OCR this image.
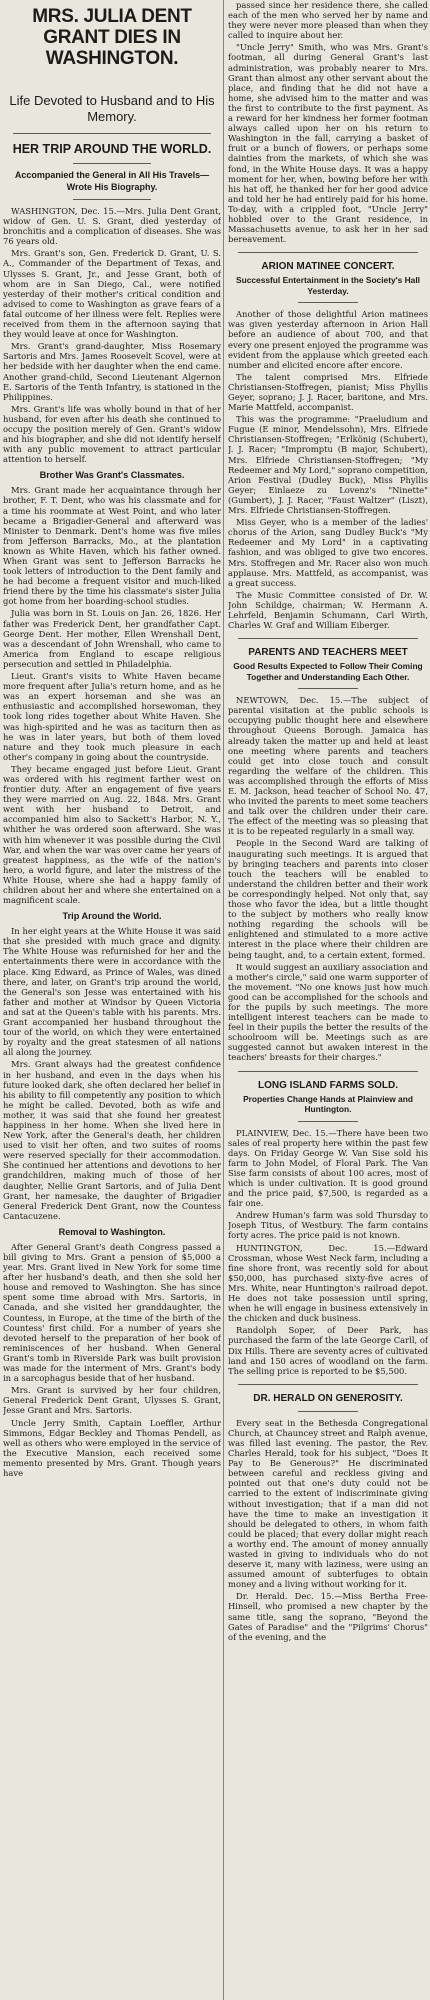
MRS. JULIA DENT GRANT DIES IN WASHINGTON.
Life Devoted to Husband and to His Memory.
HER TRIP AROUND THE WORLD.
Accompanied the General in All His Travels—Wrote His Biography.

WASHINGTON, Dec. 15.—Mrs. Julia Dent Grant, widow of Gen. U. S. Grant, died yesterday of bronchitis and a complication of diseases. She was 76 years old.

Mrs. Grant's son, Gen. Frederick D. Grant, U. S. A., Commander of the Department of Texas, and Ulysses S. Grant, Jr., and Jesse Grant, both of whom are in San Diego, Cal., were notified yesterday of their mother's critical condition and advised to come to Washington as grave fears of a fatal outcome of her illness were felt. Replies were received from them in the afternoon saying that they would leave at once for Washington.

Mrs. Grant's grand-daughter, Miss Rosemary Sartoris and Mrs. James Roosevelt Scovel, were at her bedside with her daughter when the end came. Another grand-child, Second Lieutenant Algernon E. Sartoris of the Tenth Infantry, is stationed in the Philippines.

Mrs. Grant's life was wholly bound in that of her husband, for even after his death she continued to occupy the position merely of Gen. Grant's widow and his biographer, and she did not identify herself with any public movement to attract particular attention to herself.

Brother Was Grant's Classmates.

Mrs. Grant made her acquaintance through her brother, F. T. Dent, who was his classmate and for a time his roommate at West Point, and who later became a Brigadier-General and afterward was Minister to Denmark. Dent's home was five miles from Jefferson Barracks, Mo., at the plantation known as White Haven, which his father owned. When Grant was sent to Jefferson Barracks he took letters of introduction to the Dent family and he had become a frequent visitor and much-liked friend there by the time his classmate's sister Julia got home from her boarding-school studies.

Julia was born in St. Louis on Jan. 26, 1826. Her father was Frederick Dent, her grandfather Capt. George Dent. Her mother, Ellen Wrenshall Dent, was a descendant of John Wrenshall, who came to America from England to escape religious persecution and settled in Philadelphia.

Lieut. Grant's visits to White Haven became more frequent after Julia's return home, and as he was an expert horseman and she was an enthusiastic and accomplished horsewoman, they took long rides together about White Haven. She was high-spirited and he was as taciturn then as he was in later years, but both of them loved nature and they took much pleasure in each other's company in going about the countryside.

They became engaged just before Lieut. Grant was ordered with his regiment farther west on frontier duty. After an engagement of five years they were married on Aug. 22, 1848. Mrs. Grant went with her husband to Detroit, and accompanied him also to Sackett's Harbor, N. Y., whither he was ordered soon afterward. She was with him whenever it was possible during the Civil War, and when the war was over came her years of greatest happiness, as the wife of the nation's hero, a world figure, and later the mistress of the White House, where she had a happy family of children about her and where she entertained on a magnificent scale.

Trip Around the World.

In her eight years at the White House it was said that she presided with much grace and dignity. The White House was refurnished for her and the entertainments there were in accordance with the place. King Edward, as Prince of Wales, was dined there, and later, on Grant's trip around the world, the General's son Jesse was entertained with his father and mother at Windsor by Queen Victoria and sat at the Queen's table with his parents. Mrs. Grant accompanied her husband throughout the tour of the world, on which they were entertained by royalty and the great statesmen of all nations all along the journey.

Mrs. Grant always had the greatest confidence in her husband, and even in the days when his future looked dark, she often declared her belief in his ability to fill competently any position to which he might be called. Devoted, both as wife and mother, it was said that she found her greatest happiness in her home. When she lived here in New York, after the General's death, her children used to visit her often, and two suites of rooms were reserved specially for their accommodation. She continued her attentions and devotions to her grandchildren, making much of those of her daughter, Nellie Grant Sartoris, and of Julia Dent Grant, her namesake, the daughter of Brigadier General Frederick Dent Grant, now the Countess Cantacuzene.

Removal to Washington.

After General Grant's death Congress passed a bill giving to Mrs. Grant a pension of $5,000 a year. Mrs. Grant lived in New York for some time after her husband's death, and then she sold her house and removed to Washington. She has since spent some time abroad with Mrs. Sartoris, in Canada, and she visited her granddaughter, the Countess, in Europe, at the time of the birth of the Countess' first child. For a number of years she devoted herself to the preparation of her book of reminiscences of her husband. When General Grant's tomb in Riverside Park was built provision was made for the interment of Mrs. Grant's body in a sarcophagus beside that of her husband.

Mrs. Grant is survived by her four children, General Frederick Dent Grant, Ulysses S. Grant, Jesse Grant and Mrs. Sartoris.

Uncle Jerry Smith, Captain Loeffler, Arthur Simmons, Edgar Beckley and Thomas Pendell, as well as others who were employed in the service of the Executive Mansion, each received some memento presented by Mrs. Grant. Though years have

passed since her residence there, she called each of the men who served her by name and they were never more pleased than when they called to inquire about her.

"Uncle Jerry" Smith, who was Mrs. Grant's footman, all during General Grant's last administration, was probably nearer to Mrs. Grant than almost any other servant about the place, and finding that he did not have a home, she advised him to the matter and was the first to contribute to the first payment. As a reward for her kindness her former footman always called upon her on his return to Washington in the fall, carrying a basket of fruit or a bunch of flowers, or perhaps some dainties from the markets, of which she was fond, in the White House days. It was a happy moment for her, when, bowing before her with his hat off, he thanked her for her good advice and told her he had entirely paid for his home. To-day, with a crippled foot, "Uncle Jerry" hobbled over to the Grant residence, in Massachusetts avenue, to ask her in her sad bereavement.

ARION MATINEE CONCERT.
Successful Entertainment in the Society's Hall Yesterday.

Another of those delightful Arion matinees was given yesterday afternoon in Arion Hall before an audience of about 700, and that every one present enjoyed the programme was evident from the applause which greeted each number and elicited encore after encore.

The talent comprised Mrs. Elfriede Christiansen-Stoffregen, pianist; Miss Phyllis Geyer, soprano; J. J. Racer, baritone, and Mrs. Marie Mattfeld, accompanist.

This was the programme: "Praeludium and Fugue (E minor, Mendelssohn), Mrs. Elfriede Christiansen-Stoffregen; "Erlkönig (Schubert), J. J. Racer; "Impromptu (B major, Schubert), Mrs. Elfriede Christiansen-Stoffregen; "My Redeemer and My Lord," soprano competition, Arion Festival (Dudley Buck), Miss Phyllis Geyer; Einlaeze zu Lovenz's "Ninette" (Gumbert), J. J. Racer, "Faust Waltzer" (Liszt), Mrs. Elfriede Christiansen-Stoffregen.

Miss Geyer, who is a member of the ladies' chorus of the Arion, sang Dudley Buck's "My Redeemer and My Lord" in a captivating fashion, and was obliged to give two encores. Mrs. Stoffregen and Mr. Racer also won much applause. Mrs. Mattfeld, as accompanist, was a great success.

The Music Committee consisted of Dr. W. John Schildge, chairman; W. Hermann A. Lehrfeld, Benjamin Schumann, Carl Wirth, Charles W. Graf and William Eiberger.

PARENTS AND TEACHERS MEET
Good Results Expected to Follow Their Coming Together and Understanding Each Other.

NEWTOWN, Dec. 15.—The subject of parental visitation at the public schools is occupying public thought here and elsewhere throughout Queens Borough. Jamaica has already taken the matter up and held at least one meeting where parents and teachers could get into close touch and consult regarding the welfare of the children. This was accomplished through the efforts of Miss E. M. Jackson, head teacher of School No. 47, who invited the parents to meet some teachers and talk over the children under their care. The effect of the meeting was so pleasing that it is to be repeated regularly in a small way.

People in the Second Ward are talking of inaugurating such meetings. It is argued that by bringing teachers and parents into closer touch the teachers will be enabled to understand the children better and their work be correspondingly helped. Not only that, say those who favor the idea, but a little thought to the subject by mothers who really know nothing regarding the schools will be enlightened and stimulated to a more active interest in the place where their children are being taught, and, to a certain extent, formed.

It would suggest an auxiliary association and a mother's circle," said one warm supporter of the movement. "No one knows just how much good can be accomplished for the schools and for the pupils by such meetings. The more intelligent interest teachers can be made to feel in their pupils the better the results of the schoolroom will be. Meetings such as are suggested cannot but awaken interest in the teachers' breasts for their charges."

LONG ISLAND FARMS SOLD.
Properties Change Hands at Plainview and Huntington.

PLAINVIEW, Dec. 15.—There have been two sales of real property here within the past few days. On Friday George W. Van Sise sold his farm to John Model, of Floral Park. The Van Sise farm consists of about 100 acres, most of which is under cultivation. It is good ground and the price paid, $7,500, is regarded as a fair one.

Andrew Human's farm was sold Thursday to Joseph Titus, of Westbury. The farm contains forty acres. The price paid is not known.

HUNTINGTON, Dec. 15.—Edward Crossman, whose West Neck farm, including a fine shore front, was recently sold for about $50,000, has purchased sixty-five acres of Mrs. White, near Huntington's railroad depot. He does not take possession until spring, when he will engage in business extensively in the chicken and duck business.

Randolph Soper, of Deer Park, has purchased the farm of the late George Carll, of Dix Hills. There are seventy acres of cultivated land and 150 acres of woodland on the farm. The selling price is reported to be $5,500.

DR. HERALD ON GENEROSITY.

Every seat in the Bethesda Congregational Church, at Chauncey street and Ralph avenue, was filled last evening. The pastor, the Rev. Charles Herald, took for his subject, "Does It Pay to Be Generous?" He discriminated between careful and reckless giving and pointed out that one's duty could not be carried to the extent of indiscriminate giving without investigation; that if a man did not have the time to make an investigation it should be delegated to others, in whom faith could be placed; that every dollar might reach a worthy end. The amount of money annually wasted in giving to individuals who do not deserve it, many with laziness, were using an assumed amount of subterfuges to obtain money and a living without working for it.

Dr. Herald. Dec. 15.—Miss Bertha Free-Hinsell, who promised a new chapter by the same title, sang the soprano, "Beyond the Gates of Paradise" and the "Pilgrims' Chorus" of the evening, and the
